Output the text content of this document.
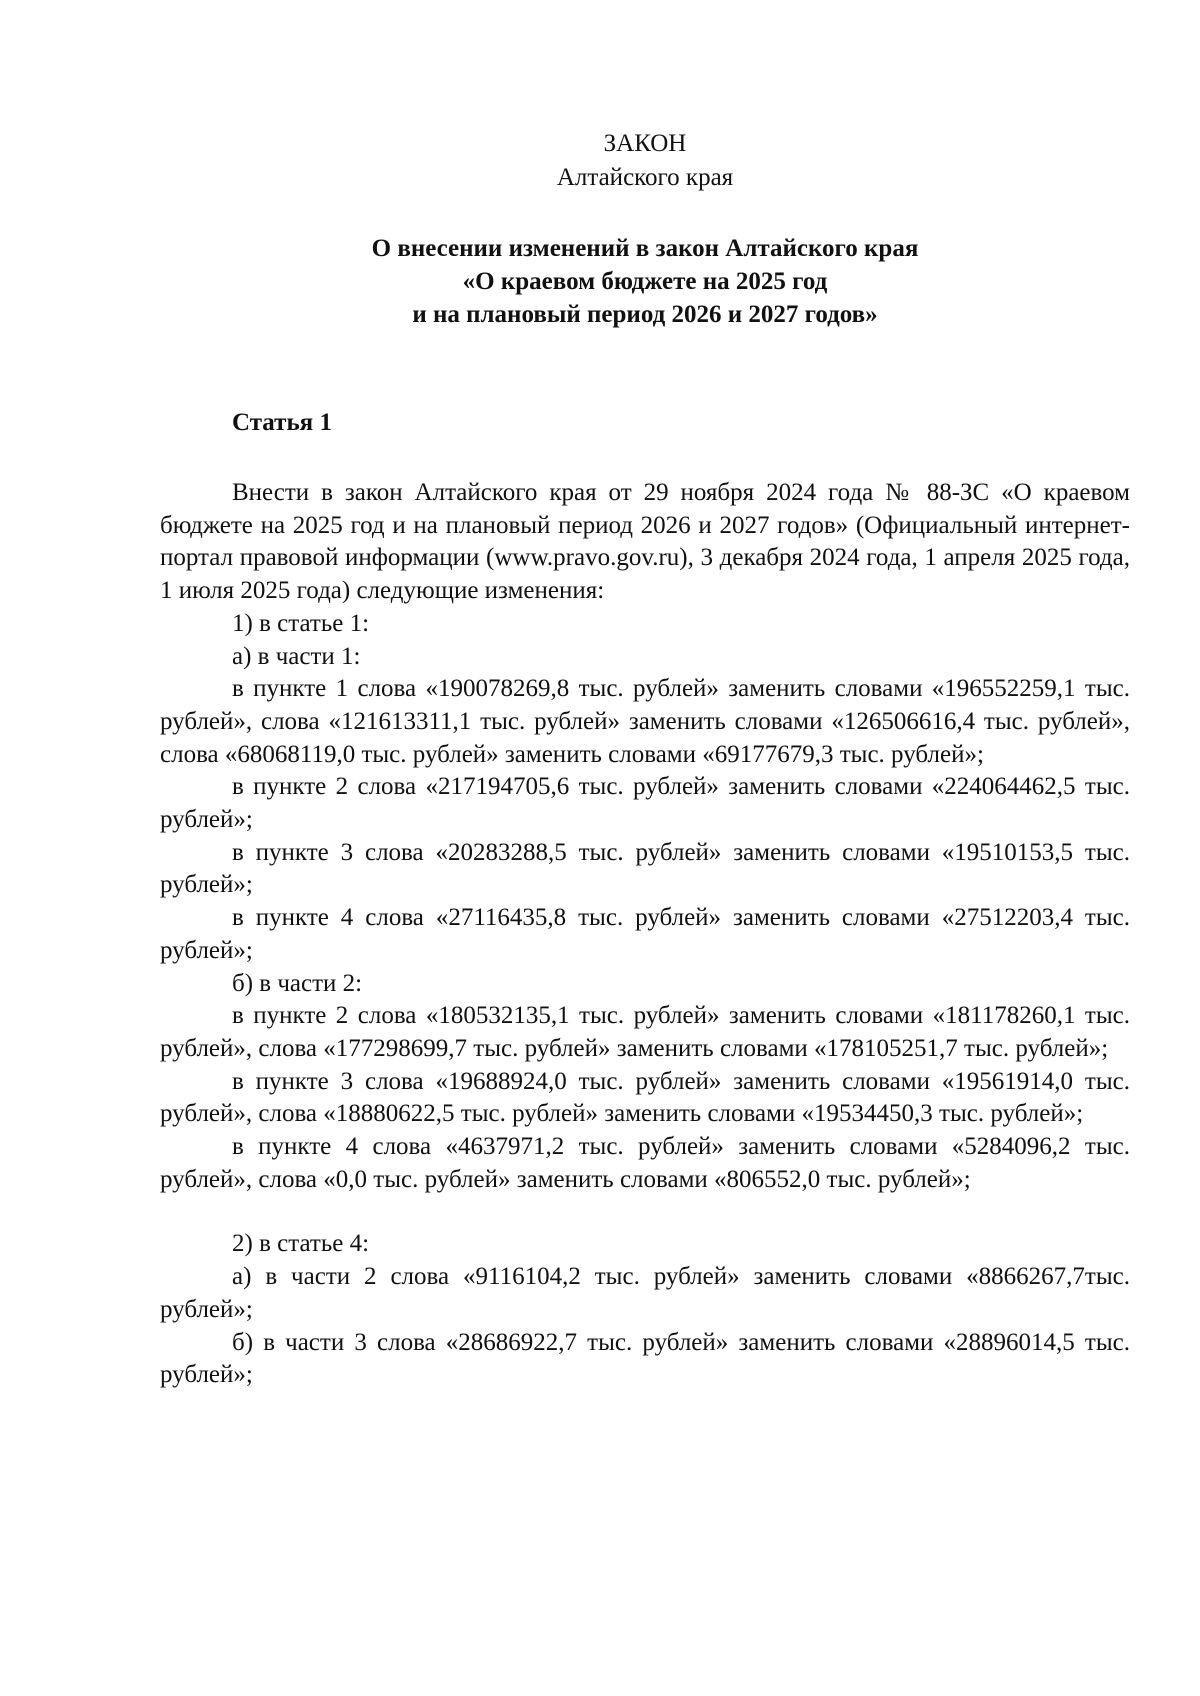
ЗАКОН
Алтайского края
О внесении изменений в закон Алтайского края
«О краевом бюджете на 2025 год
и на плановый период 2026 и 2027 годов»
Статья 1

Внести в закон Алтайского края от 29 ноября 2024 года № 88-ЗС «О краевом бюджете на 2025 год и на плановый период 2026 и 2027 годов» (Официальный интернет-портал правовой информации (www.pravo.gov.ru), 3 декабря 2024 года, 1 апреля 2025 года, 1 июля 2025 года) следующие изменения:

1) в статье 1:

а) в части 1:

в пункте 1 слова «190078269,8 тыс. рублей» заменить словами «196552259,1 тыс. рублей», слова «121613311,1 тыс. рублей» заменить словами «126506616,4 тыс. рублей», слова «68068119,0 тыс. рублей» заменить словами «69177679,3 тыс. рублей»;

в пункте 2 слова «217194705,6 тыс. рублей» заменить словами «224064462,5 тыс. рублей»;

в пункте 3 слова «20283288,5 тыс. рублей» заменить словами «19510153,5 тыс. рублей»;

в пункте 4 слова «27116435,8 тыс. рублей» заменить словами «27512203,4 тыс. рублей»;

б) в части 2:

в пункте 2 слова «180532135,1 тыс. рублей» заменить словами «181178260,1 тыс. рублей», слова «177298699,7 тыс. рублей» заменить словами «178105251,7 тыс. рублей»;

в пункте 3 слова «19688924,0 тыс. рублей» заменить словами «19561914,0 тыс. рублей», слова «18880622,5 тыс. рублей» заменить словами «19534450,3 тыс. рублей»;

в пункте 4 слова «4637971,2 тыс. рублей» заменить словами «5284096,2 тыс. рублей», слова «0,0 тыс. рублей» заменить словами «806552,0 тыс. рублей»;

2) в статье 4:

а) в части 2 слова «9116104,2 тыс. рублей» заменить словами «8866267,7тыс. рублей»;

б) в части 3 слова «28686922,7 тыс. рублей» заменить словами «28896014,5 тыс. рублей»;
